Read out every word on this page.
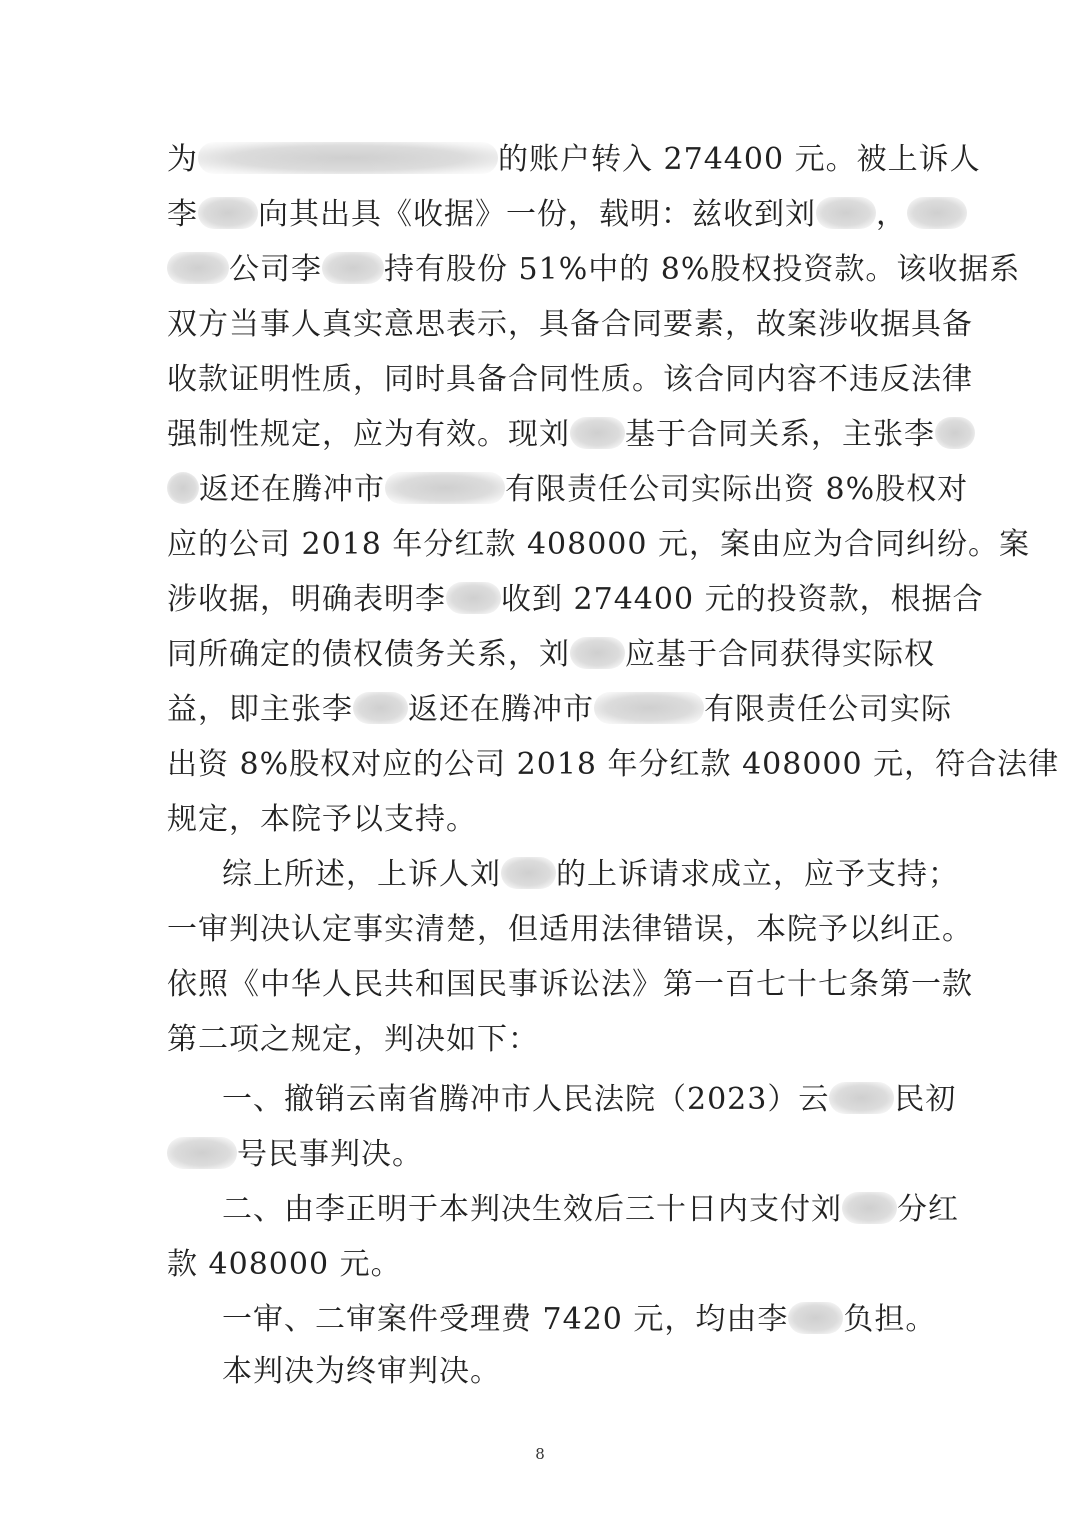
为	的账户转入 274400 元。被上诉人
李 向其出具《收据》一份，载明：兹收到刘 ，
公司李 持有股份 51%中的 8%股权投资款。该收据系
双方当事人真实意思表示，具备合同要素，故案涉收据具备
收款证明性质，同时具备合同性质。该合同内容不违反法律
强制性规定，应为有效。现刘 基于合同关系，主张李
返还在腾冲市	有限责任公司实际出资 8%股权对
应的公司 2018 年分红款 408000 元，案由应为合同纠纷。案
涉收据，明确表明李 收到 274400 元的投资款，根据合
同所确定的债权债务关系，刘 应基于合同获得实际权
益，即主张李 返还在腾冲市	有限责任公司实际
出资 8%股权对应的公司 2018 年分红款 408000 元，符合法律
规定，本院予以支持。
综上所述，上诉人刘 的上诉请求成立，应予支持；
一审判决认定事实清楚，但适用法律错误，本院予以纠正。
依照《中华人民共和国民事诉讼法》第一百七十七条第一款
第二项之规定，判决如下：
一、撤销云南省腾冲市人民法院（2023）云 民初
号民事判决。
二、由李正明于本判决生效后三十日内支付刘 分红
款 408000 元。
一审、二审案件受理费 7420 元，均由李 负担。
本判决为终审判决。
8
